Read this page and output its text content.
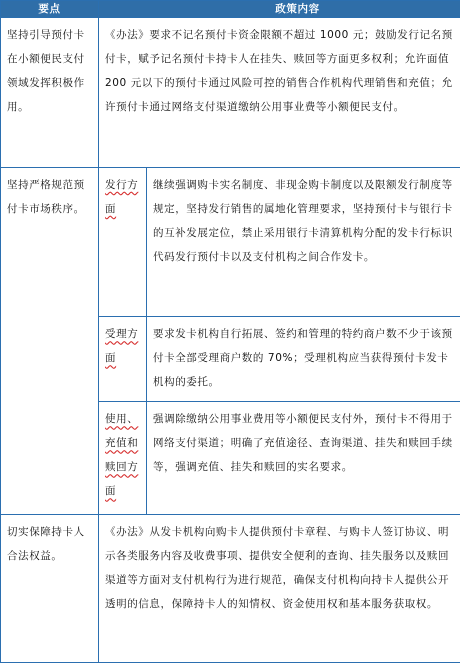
要点	政策内容	
坚持引导预付卡在小额便民支付领域发挥积极作用。	《办法》要求不记名预付卡资金限额不超过 1000 元；鼓励发行记名预付卡，赋予记名预付卡持卡人在挂失、赎回等方面更多权利；允许面值 200 元以下的预付卡通过风险可控的销售合作机构代理销售和充值；允许预付卡通过网络支付渠道缴纳公用事业费等小额便民支付。	
坚持严格规范预付卡市场秩序。	发行方面	继续强调购卡实名制度、非现金购卡制度以及限额发行制度等规定，坚持发行销售的属地化管理要求，坚持预付卡与银行卡的互补发展定位，禁止采用银行卡清算机构分配的发卡行标识代码发行预付卡以及支付机构之间合作发卡。
	受理方面	要求发卡机构自行拓展、签约和管理的特约商户数不少于该预付卡全部受理商户数的 70%；受理机构应当获得预付卡发卡机构的委托。
	使用、充值和赎回方面	强调除缴纳公用事业费用等小额便民支付外，预付卡不得用于网络支付渠道；明确了充值途径、查询渠道、挂失和赎回手续等，强调充值、挂失和赎回的实名要求。
切实保障持卡人合法权益。	《办法》从发卡机构向购卡人提供预付卡章程、与购卡人签订协议、明示各类服务内容及收费事项、提供安全便利的查询、挂失服务以及赎回渠道等方面对支付机构行为进行规范，确保支付机构向持卡人提供公开透明的信息，保障持卡人的知情权、资金使用权和基本服务获取权。	
